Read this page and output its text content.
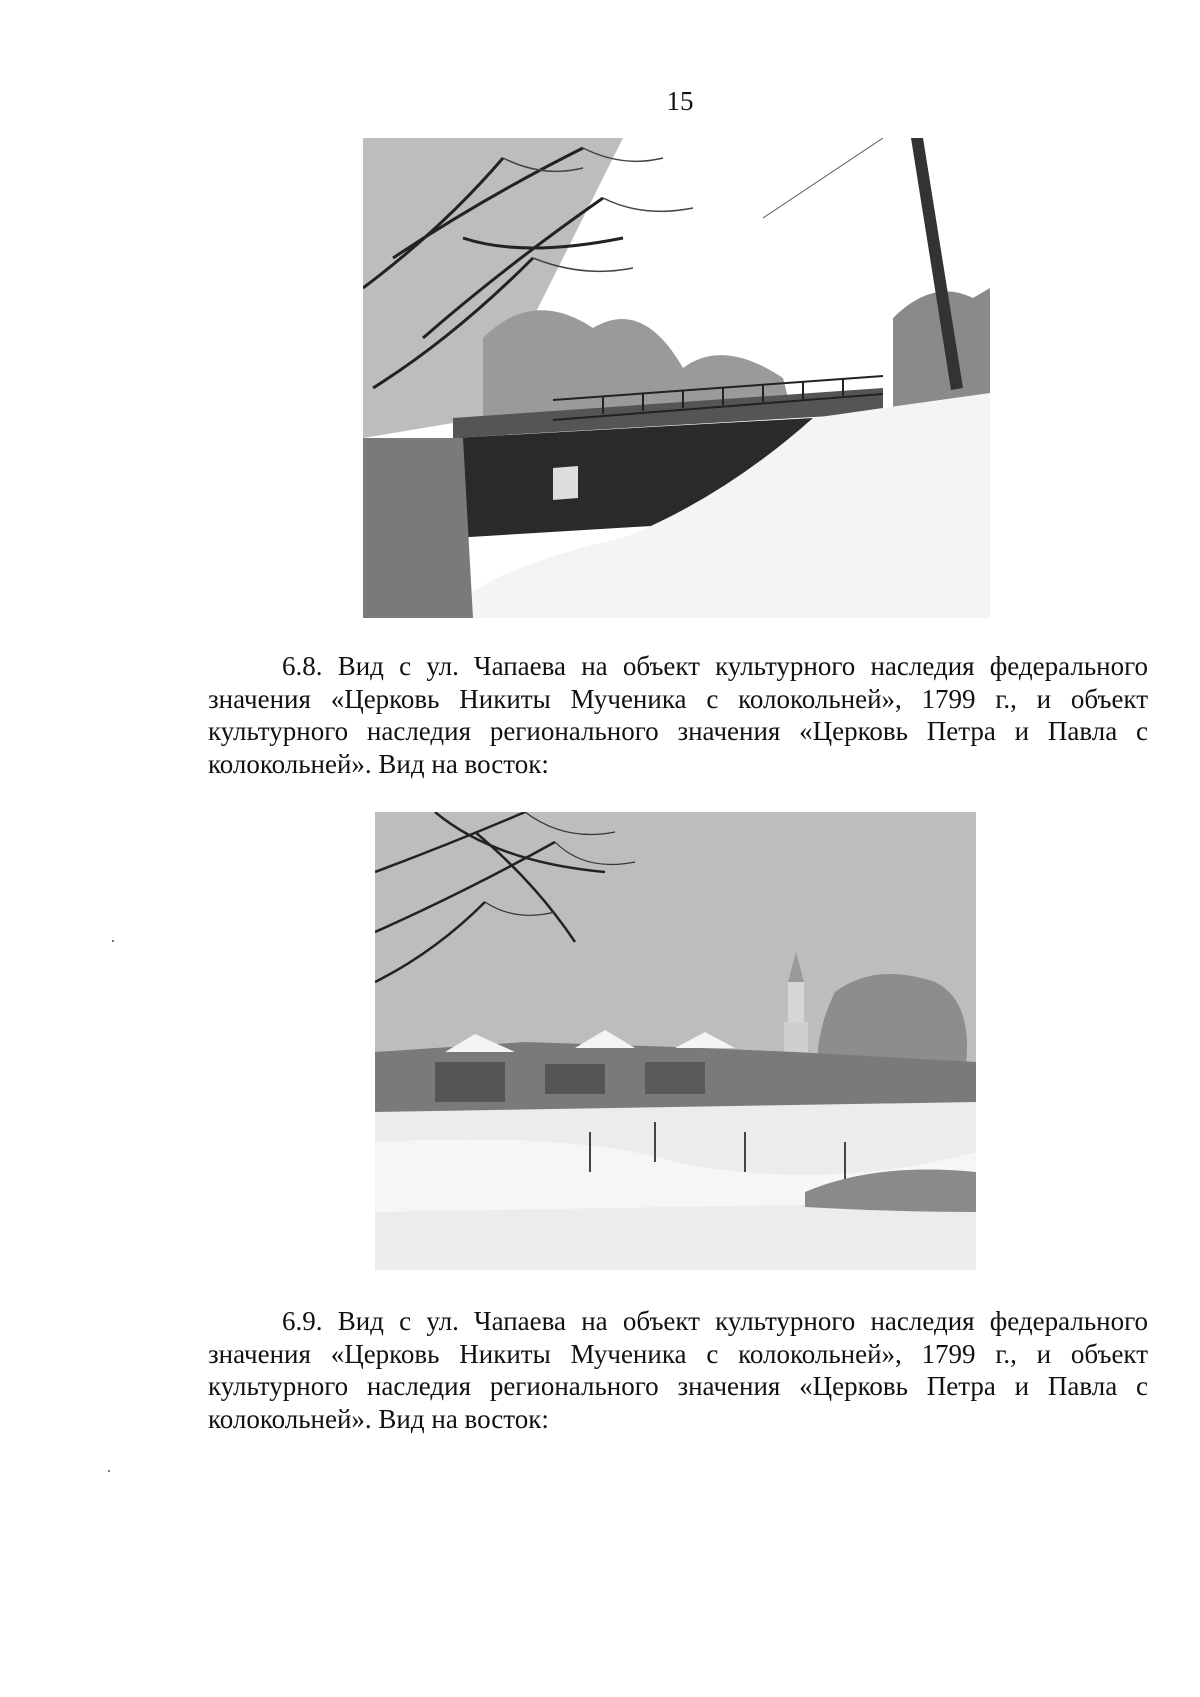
15

6.8. Вид с ул. Чапаева на объект культурного наследия федерального значения «Церковь Никиты Мученика с колокольней», 1799 г., и объект культурного наследия регионального значения «Церковь Петра и Павла с колокольней». Вид на восток:

6.9. Вид с ул. Чапаева на объект культурного наследия федерального значения «Церковь Никиты Мученика с колокольней», 1799 г., и объект культурного наследия регионального значения «Церковь Петра и Павла с колокольней». Вид на восток:
